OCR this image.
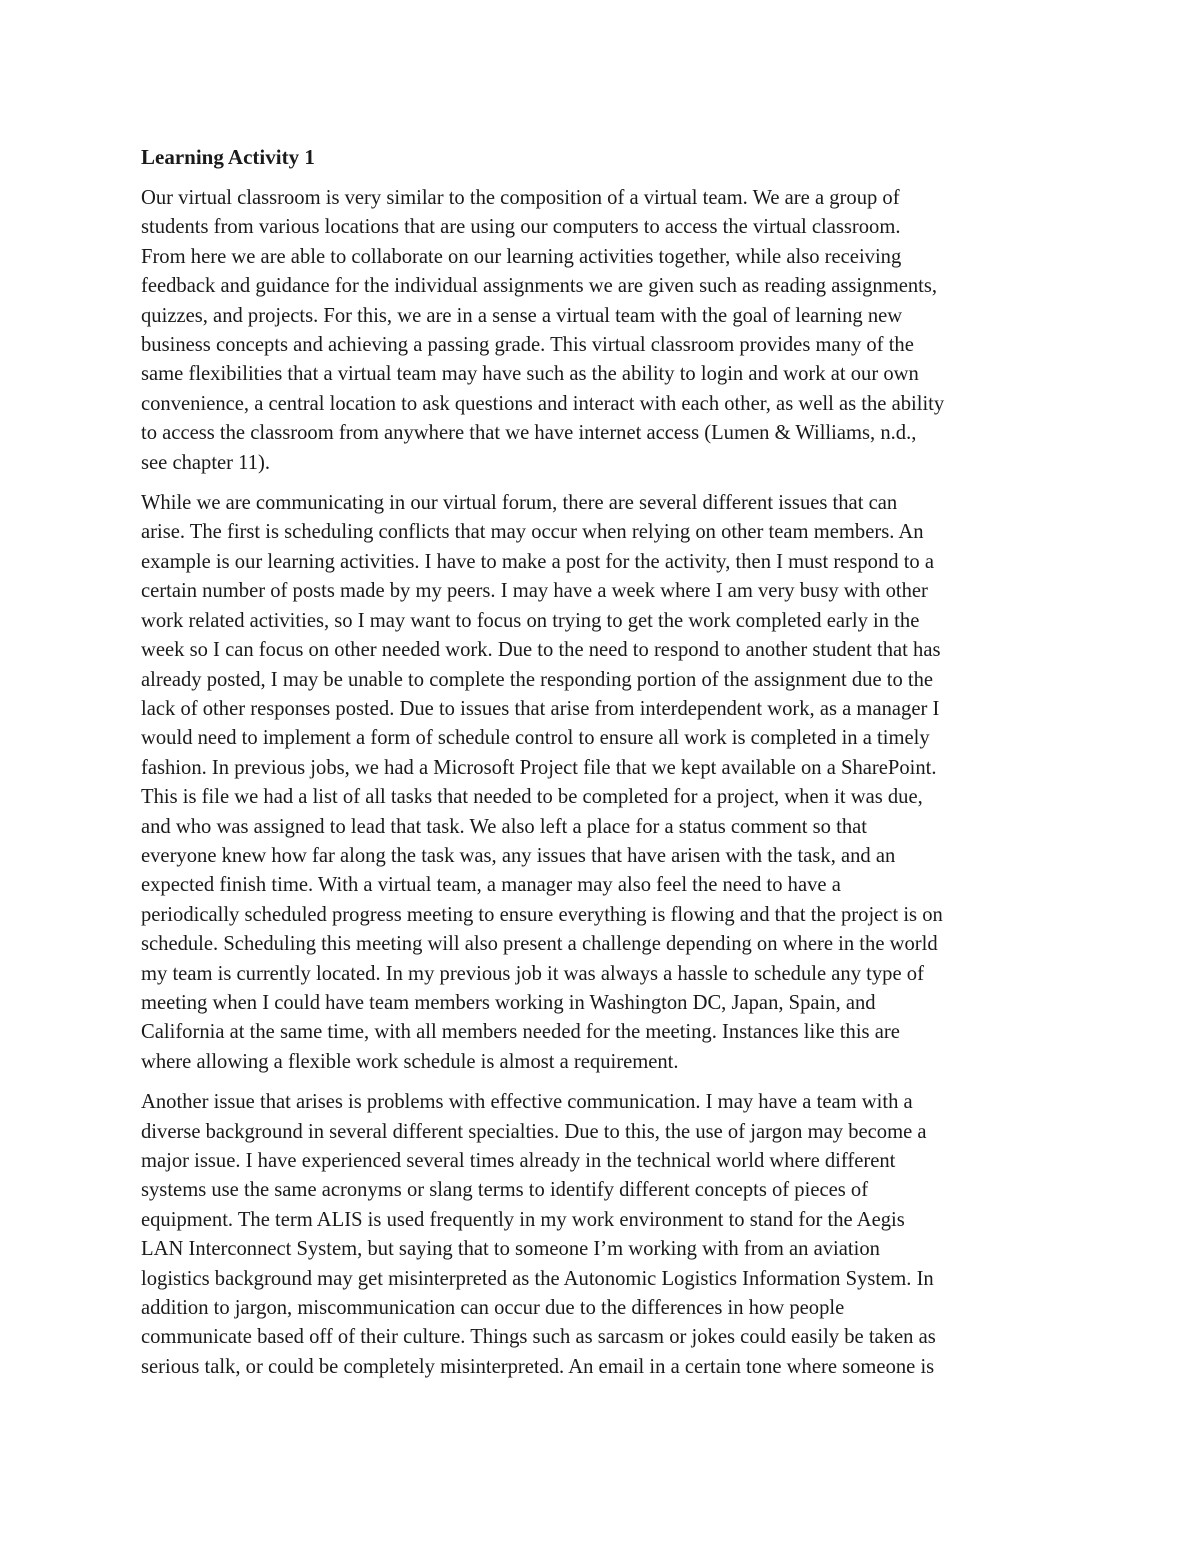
Learning Activity 1
Our virtual classroom is very similar to the composition of a virtual team. We are a group of
students from various locations that are using our computers to access the virtual classroom.
From here we are able to collaborate on our learning activities together, while also receiving
feedback and guidance for the individual assignments we are given such as reading assignments,
quizzes, and projects. For this, we are in a sense a virtual team with the goal of learning new
business concepts and achieving a passing grade. This virtual classroom provides many of the
same flexibilities that a virtual team may have such as the ability to login and work at our own
convenience, a central location to ask questions and interact with each other, as well as the ability
to access the classroom from anywhere that we have internet access (Lumen & Williams, n.d.,
see chapter 11).
While we are communicating in our virtual forum, there are several different issues that can
arise. The first is scheduling conflicts that may occur when relying on other team members. An
example is our learning activities. I have to make a post for the activity, then I must respond to a
certain number of posts made by my peers. I may have a week where I am very busy with other
work related activities, so I may want to focus on trying to get the work completed early in the
week so I can focus on other needed work. Due to the need to respond to another student that has
already posted, I may be unable to complete the responding portion of the assignment due to the
lack of other responses posted. Due to issues that arise from interdependent work, as a manager I
would need to implement a form of schedule control to ensure all work is completed in a timely
fashion. In previous jobs, we had a Microsoft Project file that we kept available on a SharePoint.
This is file we had a list of all tasks that needed to be completed for a project, when it was due,
and who was assigned to lead that task. We also left a place for a status comment so that
everyone knew how far along the task was, any issues that have arisen with the task, and an
expected finish time. With a virtual team, a manager may also feel the need to have a
periodically scheduled progress meeting to ensure everything is flowing and that the project is on
schedule. Scheduling this meeting will also present a challenge depending on where in the world
my team is currently located. In my previous job it was always a hassle to schedule any type of
meeting when I could have team members working in Washington DC, Japan, Spain, and
California at the same time, with all members needed for the meeting. Instances like this are
where allowing a flexible work schedule is almost a requirement.
Another issue that arises is problems with effective communication. I may have a team with a
diverse background in several different specialties. Due to this, the use of jargon may become a
major issue. I have experienced several times already in the technical world where different
systems use the same acronyms or slang terms to identify different concepts of pieces of
equipment. The term ALIS is used frequently in my work environment to stand for the Aegis
LAN Interconnect System, but saying that to someone I’m working with from an aviation
logistics background may get misinterpreted as the Autonomic Logistics Information System. In
addition to jargon, miscommunication can occur due to the differences in how people
communicate based off of their culture. Things such as sarcasm or jokes could easily be taken as
serious talk, or could be completely misinterpreted. An email in a certain tone where someone is
